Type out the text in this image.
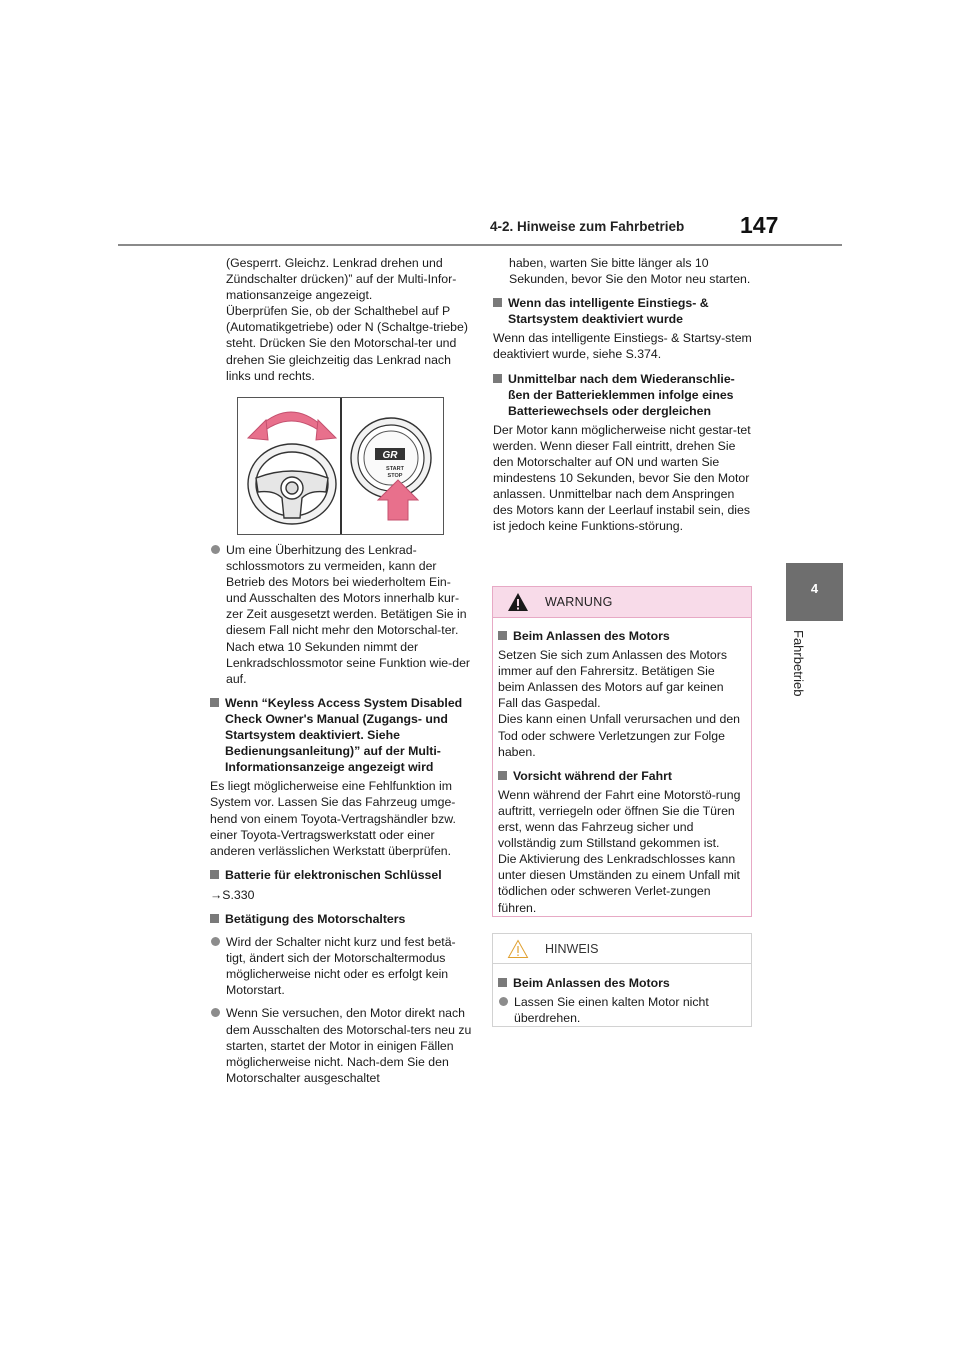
4-2. Hinweise zum Fahrbetrieb 147
4
Fahrbetrieb

(Gesperrt. Gleichz. Lenkrad drehen und Zündschalter drücken)” auf der Multi-Infor-mationsanzeige angezeigt.

Überprüfen Sie, ob der Schalthebel auf P (Automatikgetriebe) oder N (Schaltge-triebe) steht. Drücken Sie den Motorschal-ter und drehen Sie gleichzeitig das Lenkrad nach links und rechts.

GR
START
STOP

Um eine Überhitzung des Lenkrad-schlossmotors zu vermeiden, kann der Betrieb des Motors bei wiederholtem Ein- und Ausschalten des Motors innerhalb kur-zer Zeit ausgesetzt werden. Betätigen Sie in diesem Fall nicht mehr den Motorschal-ter. Nach etwa 10 Sekunden nimmt der Lenkradschlossmotor seine Funktion wie-der auf.

Wenn “Keyless Access System Disabled Check Owner's Manual (Zugangs- und Startsystem deaktiviert. Siehe Bedienungsanleitung)” auf der Multi-Informationsanzeige angezeigt wird

Es liegt möglicherweise eine Fehlfunktion im System vor. Lassen Sie das Fahrzeug umge-hend von einem Toyota-Vertragshändler bzw. einer Toyota-Vertragswerkstatt oder einer anderen verlässlichen Werkstatt überprüfen.

Batterie für elektronischen Schlüssel

→S.330

Betätigung des Motorschalters

Wird der Schalter nicht kurz und fest betä-tigt, ändert sich der Motorschaltermodus möglicherweise nicht oder es erfolgt kein Motorstart.

Wenn Sie versuchen, den Motor direkt nach dem Ausschalten des Motorschal-ters neu zu starten, startet der Motor in einigen Fällen möglicherweise nicht. Nach-dem Sie den Motorschalter ausgeschaltet

haben, warten Sie bitte länger als 10 Sekunden, bevor Sie den Motor neu starten.

Wenn das intelligente Einstiegs- & Startsystem deaktiviert wurde

Wenn das intelligente Einstiegs- & Startsy-stem deaktiviert wurde, siehe S.374.

Unmittelbar nach dem Wiederanschlie-ßen der Batterieklemmen infolge eines Batteriewechsels oder dergleichen

Der Motor kann möglicherweise nicht gestar-tet werden. Wenn dieser Fall eintritt, drehen Sie den Motorschalter auf ON und warten Sie mindestens 10 Sekunden, bevor Sie den Motor anlassen. Unmittelbar nach dem Anspringen des Motors kann der Leerlauf instabil sein, dies ist jedoch keine Funktions-störung.

WARNUNG

Beim Anlassen des Motors

Setzen Sie sich zum Anlassen des Motors immer auf den Fahrersitz. Betätigen Sie beim Anlassen des Motors auf gar keinen Fall das Gaspedal.

Dies kann einen Unfall verursachen und den Tod oder schwere Verletzungen zur Folge haben.

Vorsicht während der Fahrt

Wenn während der Fahrt eine Motorstö-rung auftritt, verriegeln oder öffnen Sie die Türen erst, wenn das Fahrzeug sicher und vollständig zum Stillstand gekommen ist.

Die Aktivierung des Lenkradschlosses kann unter diesen Umständen zu einem Unfall mit tödlichen oder schweren Verlet-zungen führen.

HINWEIS

Beim Anlassen des Motors

Lassen Sie einen kalten Motor nicht überdrehen.
